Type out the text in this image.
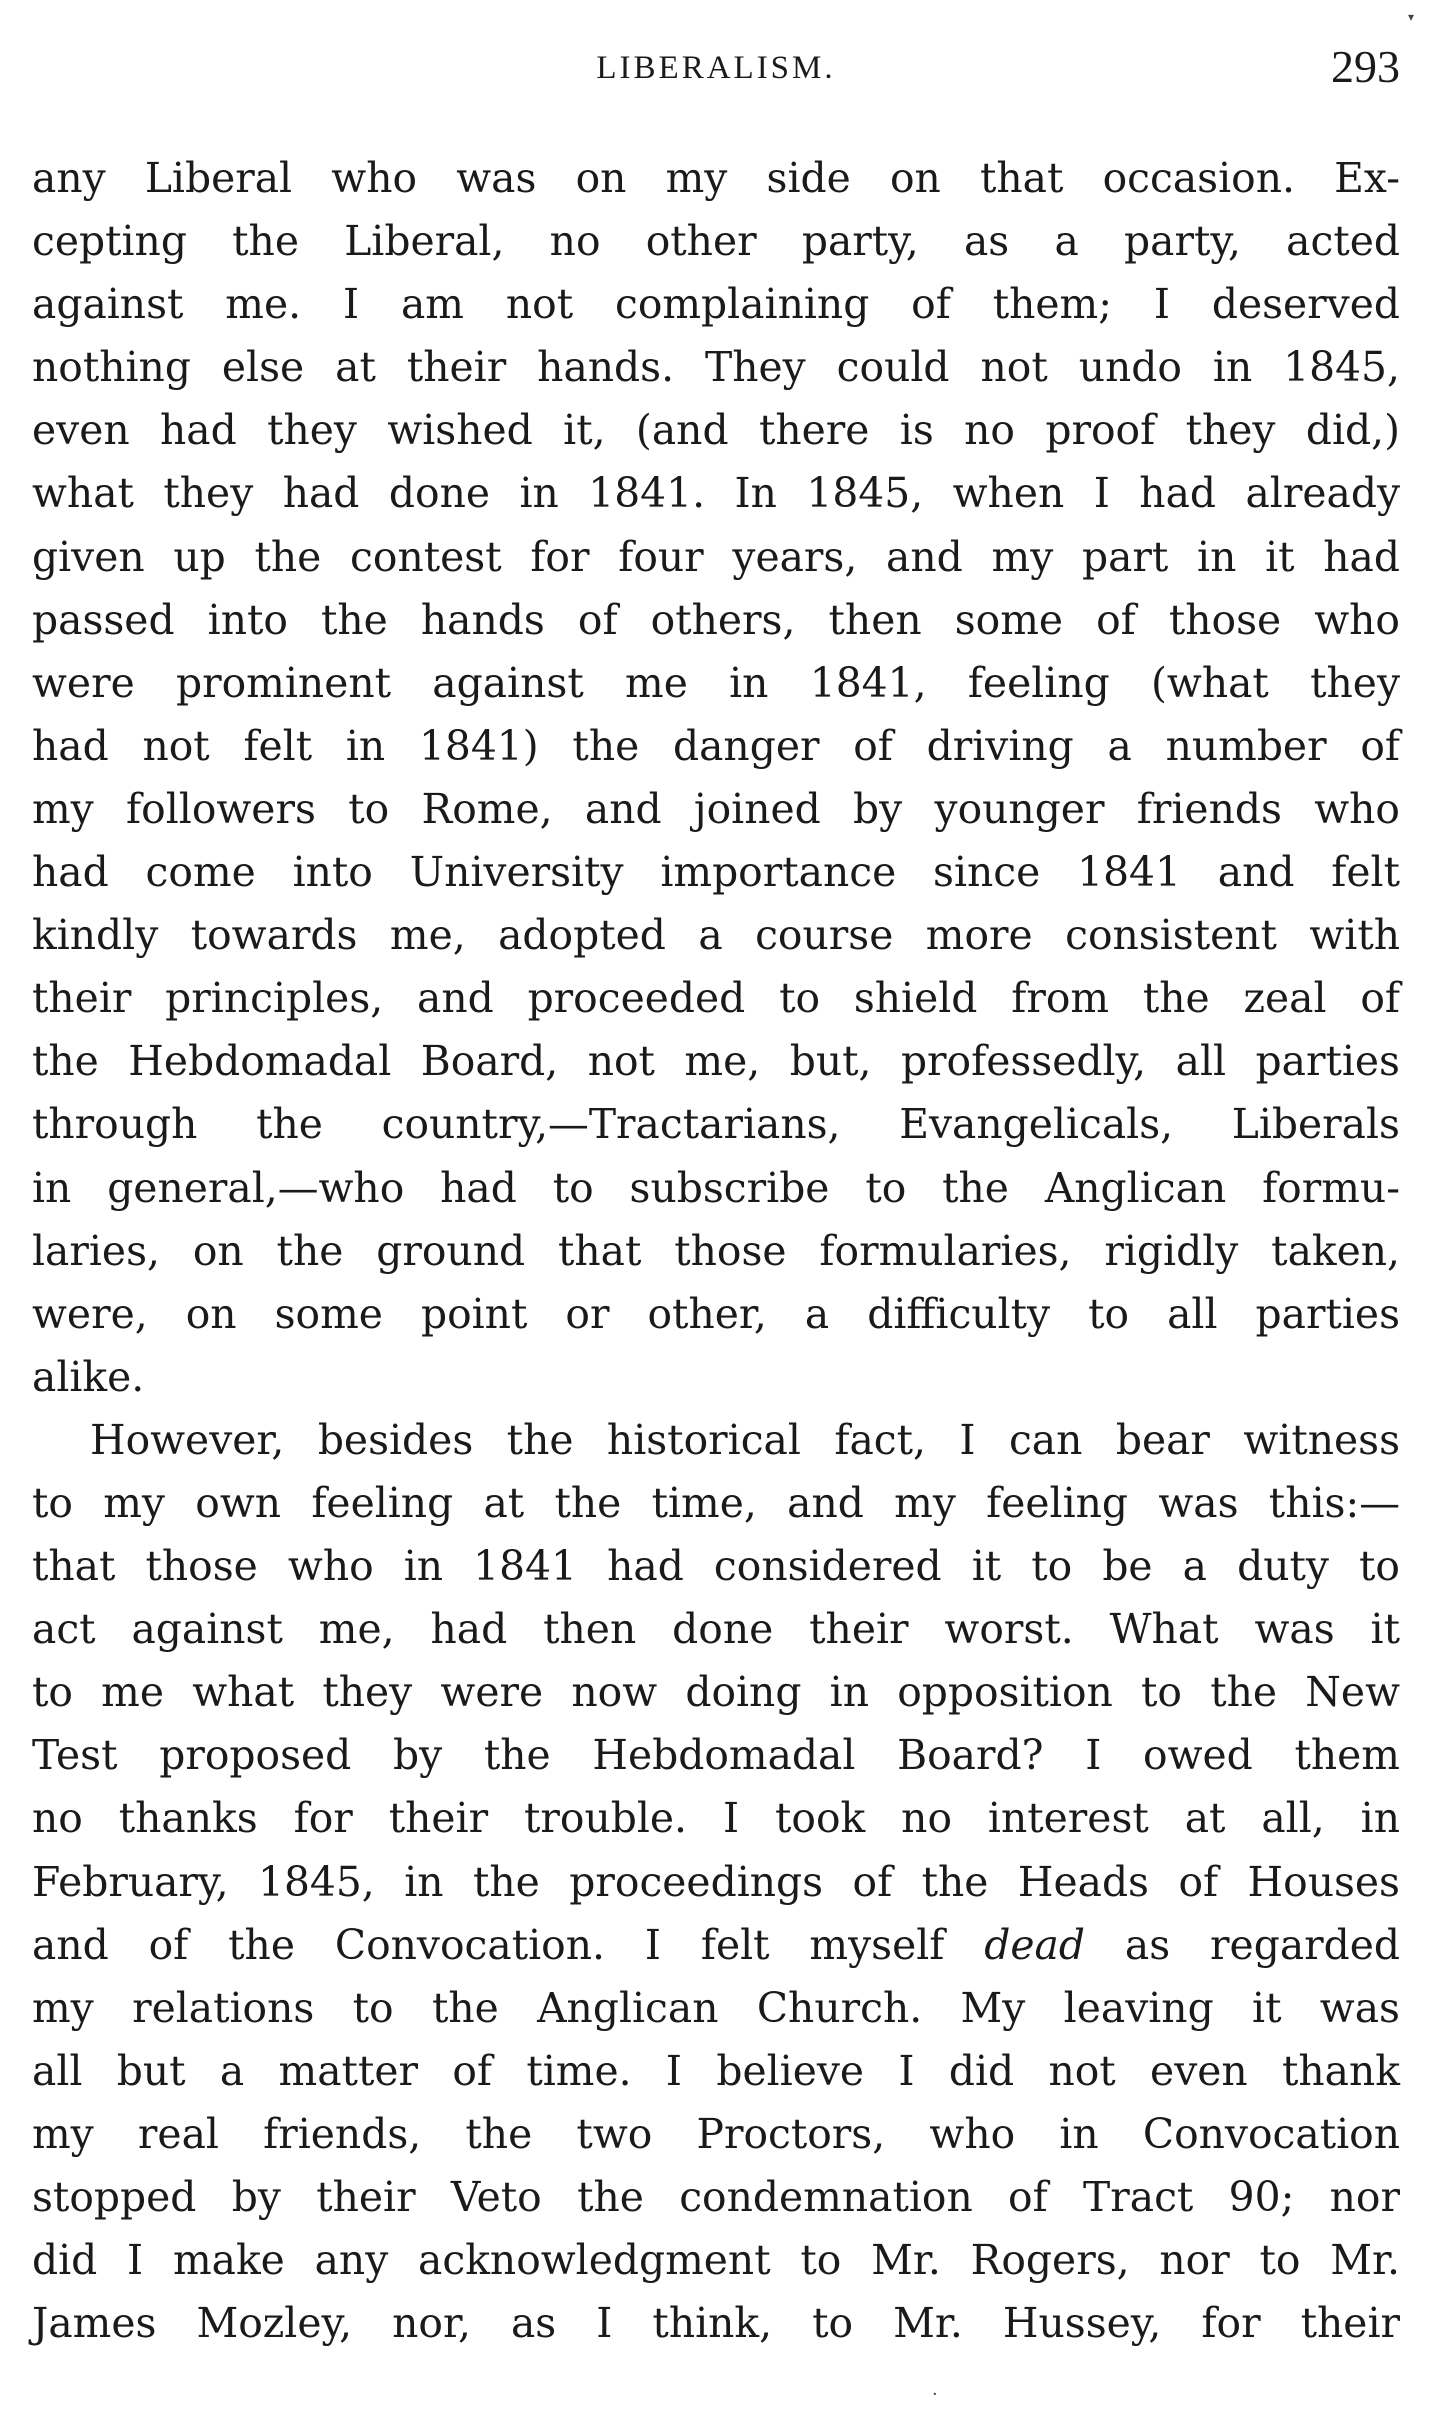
LIBERALISM.	293
▾
any Liberal who was on my side on that occasion. Ex-
cepting the Liberal, no other party, as a party, acted
against me. I am not complaining of them; I deserved
nothing else at their hands. They could not undo in 1845,
even had they wished it, (and there is no proof they did,)
what they had done in 1841. In 1845, when I had already
given up the contest for four years, and my part in it had
passed into the hands of others, then some of those who
were prominent against me in 1841, feeling (what they
had not felt in 1841) the danger of driving a number of
my followers to Rome, and joined by younger friends who
had come into University importance since 1841 and felt
kindly towards me, adopted a course more consistent with
their principles, and proceeded to shield from the zeal of
the Hebdomadal Board, not me, but, professedly, all parties
through the country,—Tractarians, Evangelicals, Liberals
in general,—who had to subscribe to the Anglican formu-
laries, on the ground that those formularies, rigidly taken,
were, on some point or other, a difficulty to all parties
alike.
However, besides the historical fact, I can bear witness
to my own feeling at the time, and my feeling was this:—
that those who in 1841 had considered it to be a duty to
act against me, had then done their worst. What was it
to me what they were now doing in opposition to the New
Test proposed by the Hebdomadal Board? I owed them
no thanks for their trouble. I took no interest at all, in
February, 1845, in the proceedings of the Heads of Houses
and of the Convocation. I felt myself dead as regarded
my relations to the Anglican Church. My leaving it was
all but a matter of time. I believe I did not even thank
my real friends, the two Proctors, who in Convocation
stopped by their Veto the condemnation of Tract 90; nor
did I make any acknowledgment to Mr. Rogers, nor to Mr.
James Mozley, nor, as I think, to Mr. Hussey, for their
·
